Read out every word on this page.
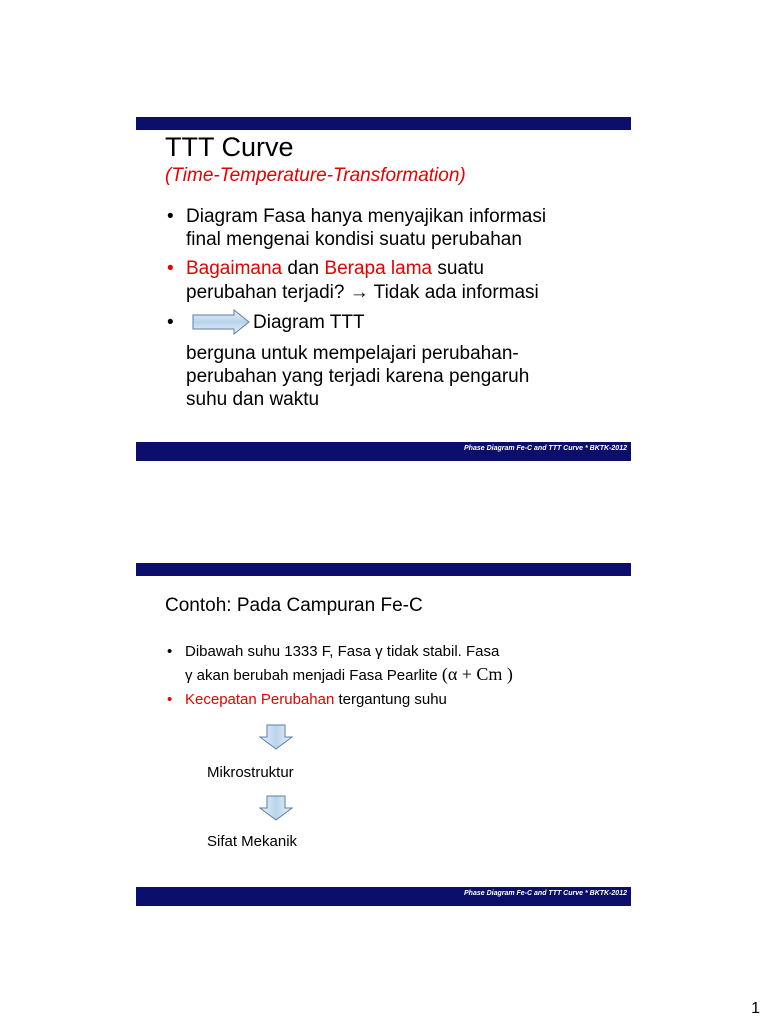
TTT Curve
(Time-Temperature-Transformation)
• Diagram Fasa hanya menyajikan informasi
final mengenai kondisi suatu perubahan
• Bagaimana dan Berapa lama suatu
perubahan terjadi? → Tidak ada informasi
•	Diagram TTT
berguna untuk mempelajari perubahan-
perubahan yang terjadi karena pengaruh
suhu dan waktu
Phase Diagram Fe-C and TTT Curve * BKTK-2012
Contoh: Pada Campuran Fe-C
• Dibawah suhu 1333 F, Fasa γ tidak stabil. Fasa
γ akan berubah menjadi Fasa Pearlite (α + Cm )
• Kecepatan Perubahan tergantung suhu
Mikrostruktur
Sifat Mekanik
Phase Diagram Fe-C and TTT Curve * BKTK-2012
1
